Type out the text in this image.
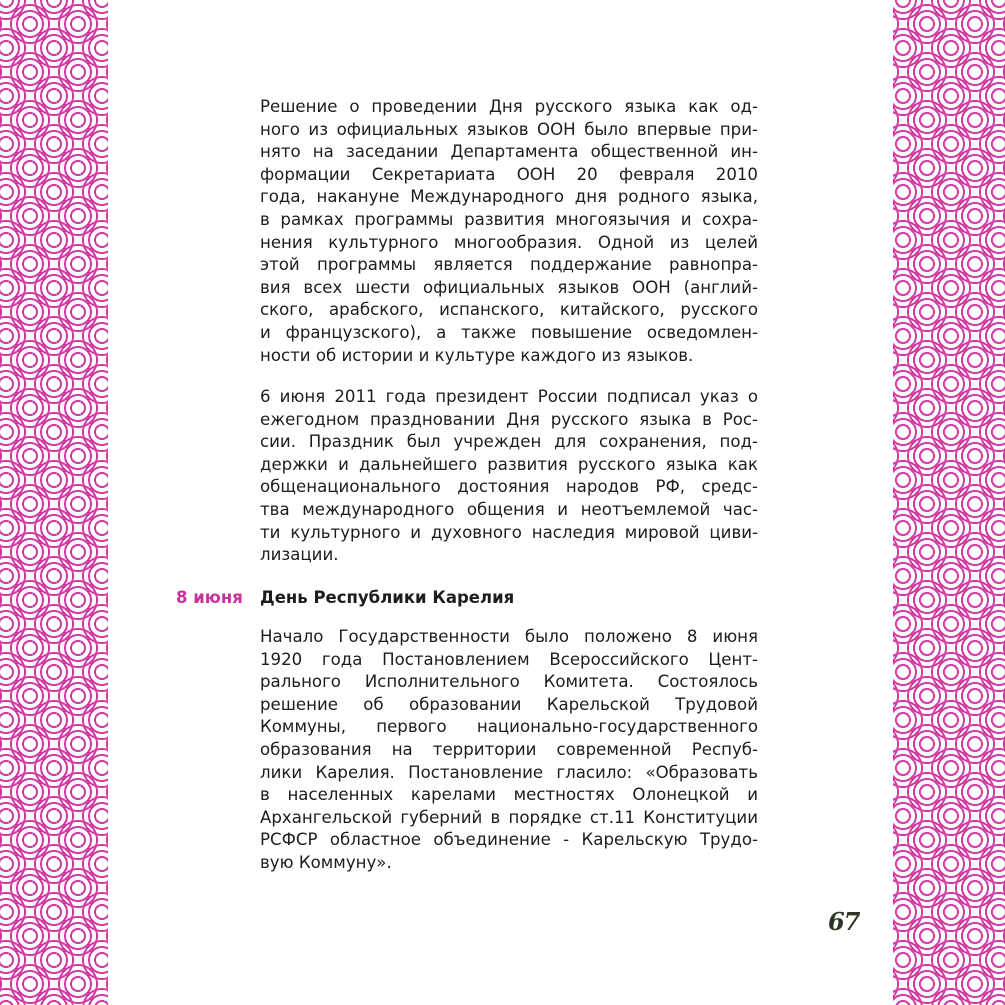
Решение о проведении Дня русского языка как од-
ного из официальных языков ООН было впервые при-
нято на заседании Департамента общественной ин-
формации Секретариата ООН 20 февраля 2010
года, накануне Международного дня родного языка,
в рамках программы развития многоязычия и сохра-
нения культурного многообразия. Одной из целей
этой программы является поддержание равнопра-
вия всех шести официальных языков ООН (англий-
ского, арабского, испанского, китайского, русского
и французского), а также повышение осведомлен-
ности об истории и культуре каждого из языков.
6 июня 2011 года президент России подписал указ о
ежегодном праздновании Дня русского языка в Рос-
сии. Праздник был учрежден для сохранения, под-
держки и дальнейшего развития русского языка как
общенационального достояния народов РФ, средс-
тва международного общения и неотъемлемой час-
ти культурного и духовного наследия мировой циви-
лизации.
8 июня День Республики Карелия
Начало Государственности было положено 8 июня
1920 года Постановлением Всероссийского Цент-
рального Исполнительного Комитета. Состоялось
решение об образовании Карельской Трудовой
Коммуны, первого национально-государственного
образования на территории современной Респуб-
лики Карелия. Постановление гласило: «Образовать
в населенных карелами местностях Олонецкой и
Архангельской губерний в порядке ст.11 Конституции
РСФСР областное объединение - Карельскую Трудо-
вую Коммуну».
67
